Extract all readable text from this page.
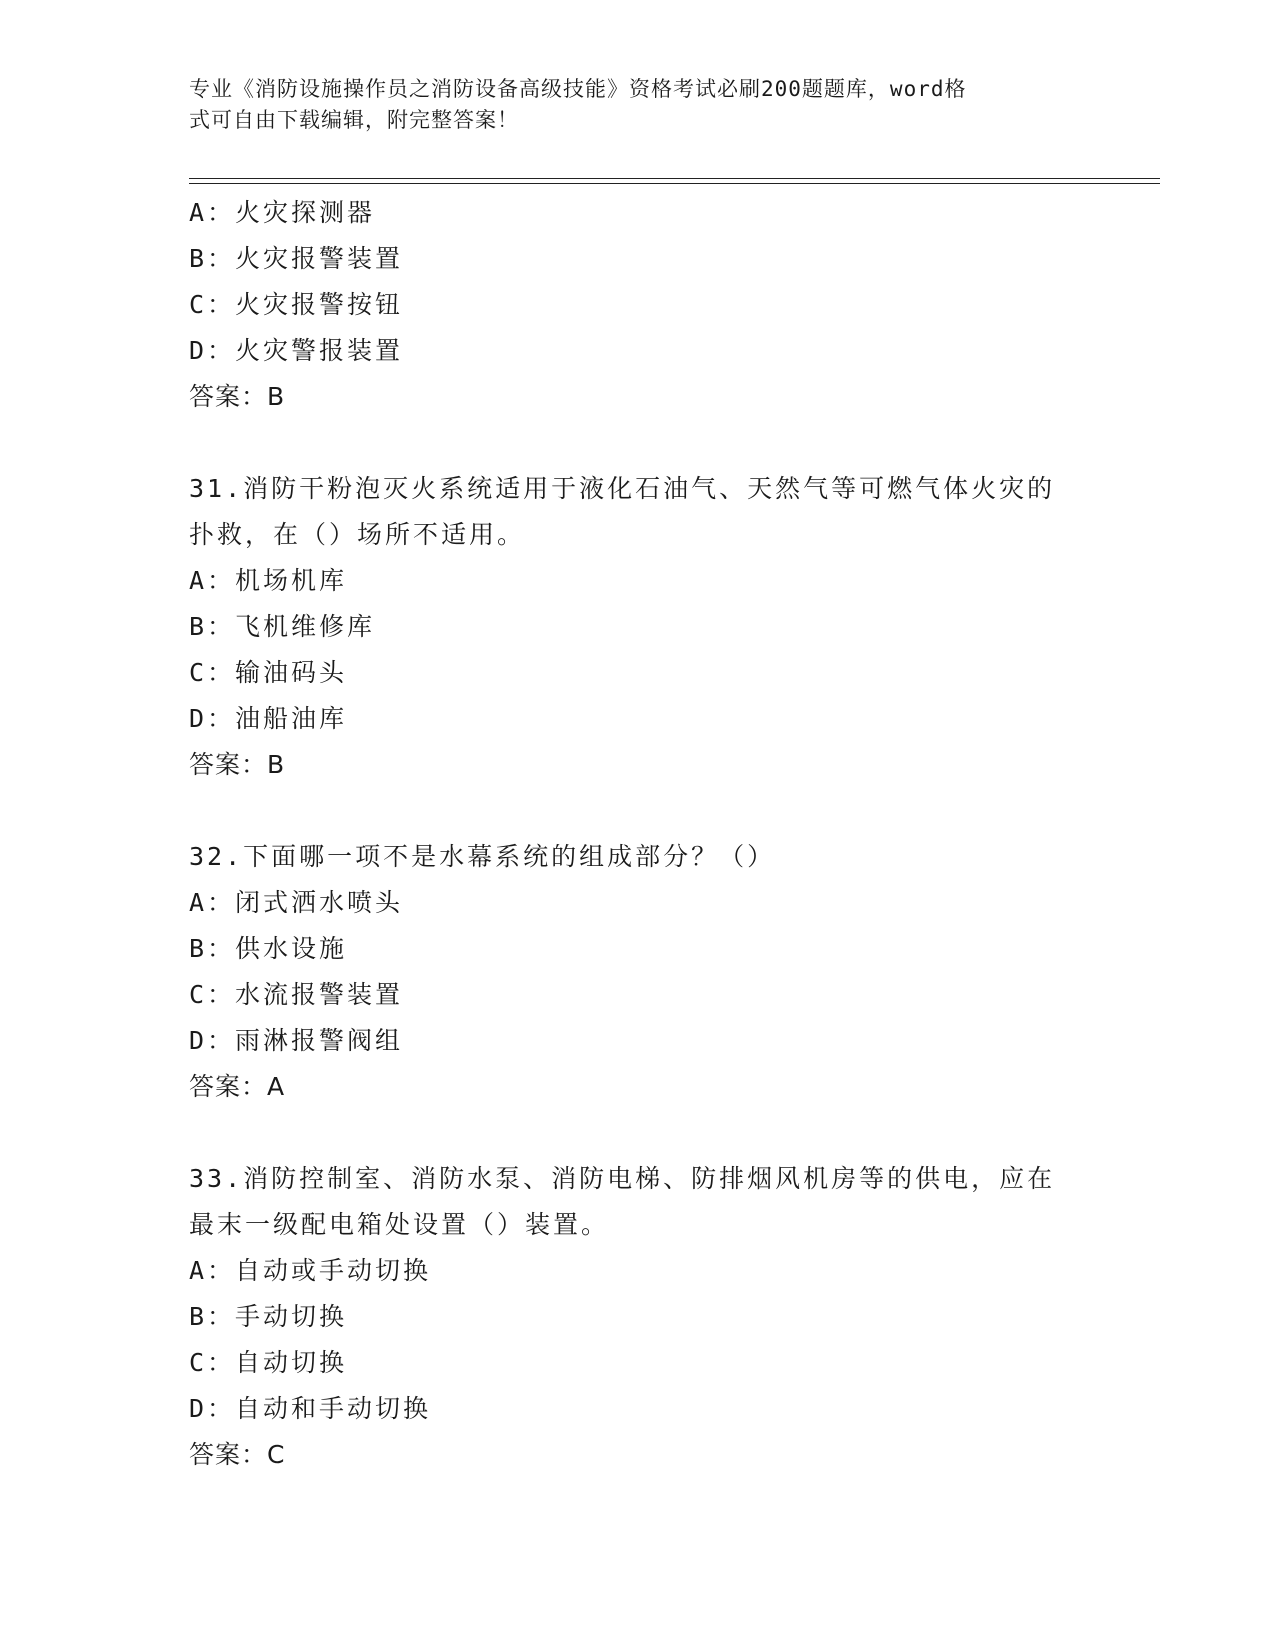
专业《消防设施操作员之消防设备高级技能》资格考试必刷200题题库，word格
式可自由下载编辑，附完整答案！
A：火灾探测器
B：火灾报警装置
C：火灾报警按钮
D：火灾警报装置
答案：B
31.消防干粉泡灭火系统适用于液化石油气、天然气等可燃气体火灾的
扑救，在（）场所不适用。
A：机场机库
B：飞机维修库
C：输油码头
D：油船油库
答案：B
32.下面哪一项不是水幕系统的组成部分？（）
A：闭式洒水喷头
B：供水设施
C：水流报警装置
D：雨淋报警阀组
答案：A
33.消防控制室、消防水泵、消防电梯、防排烟风机房等的供电，应在
最末一级配电箱处设置（）装置。
A：自动或手动切换
B：手动切换
C：自动切换
D：自动和手动切换
答案：C
